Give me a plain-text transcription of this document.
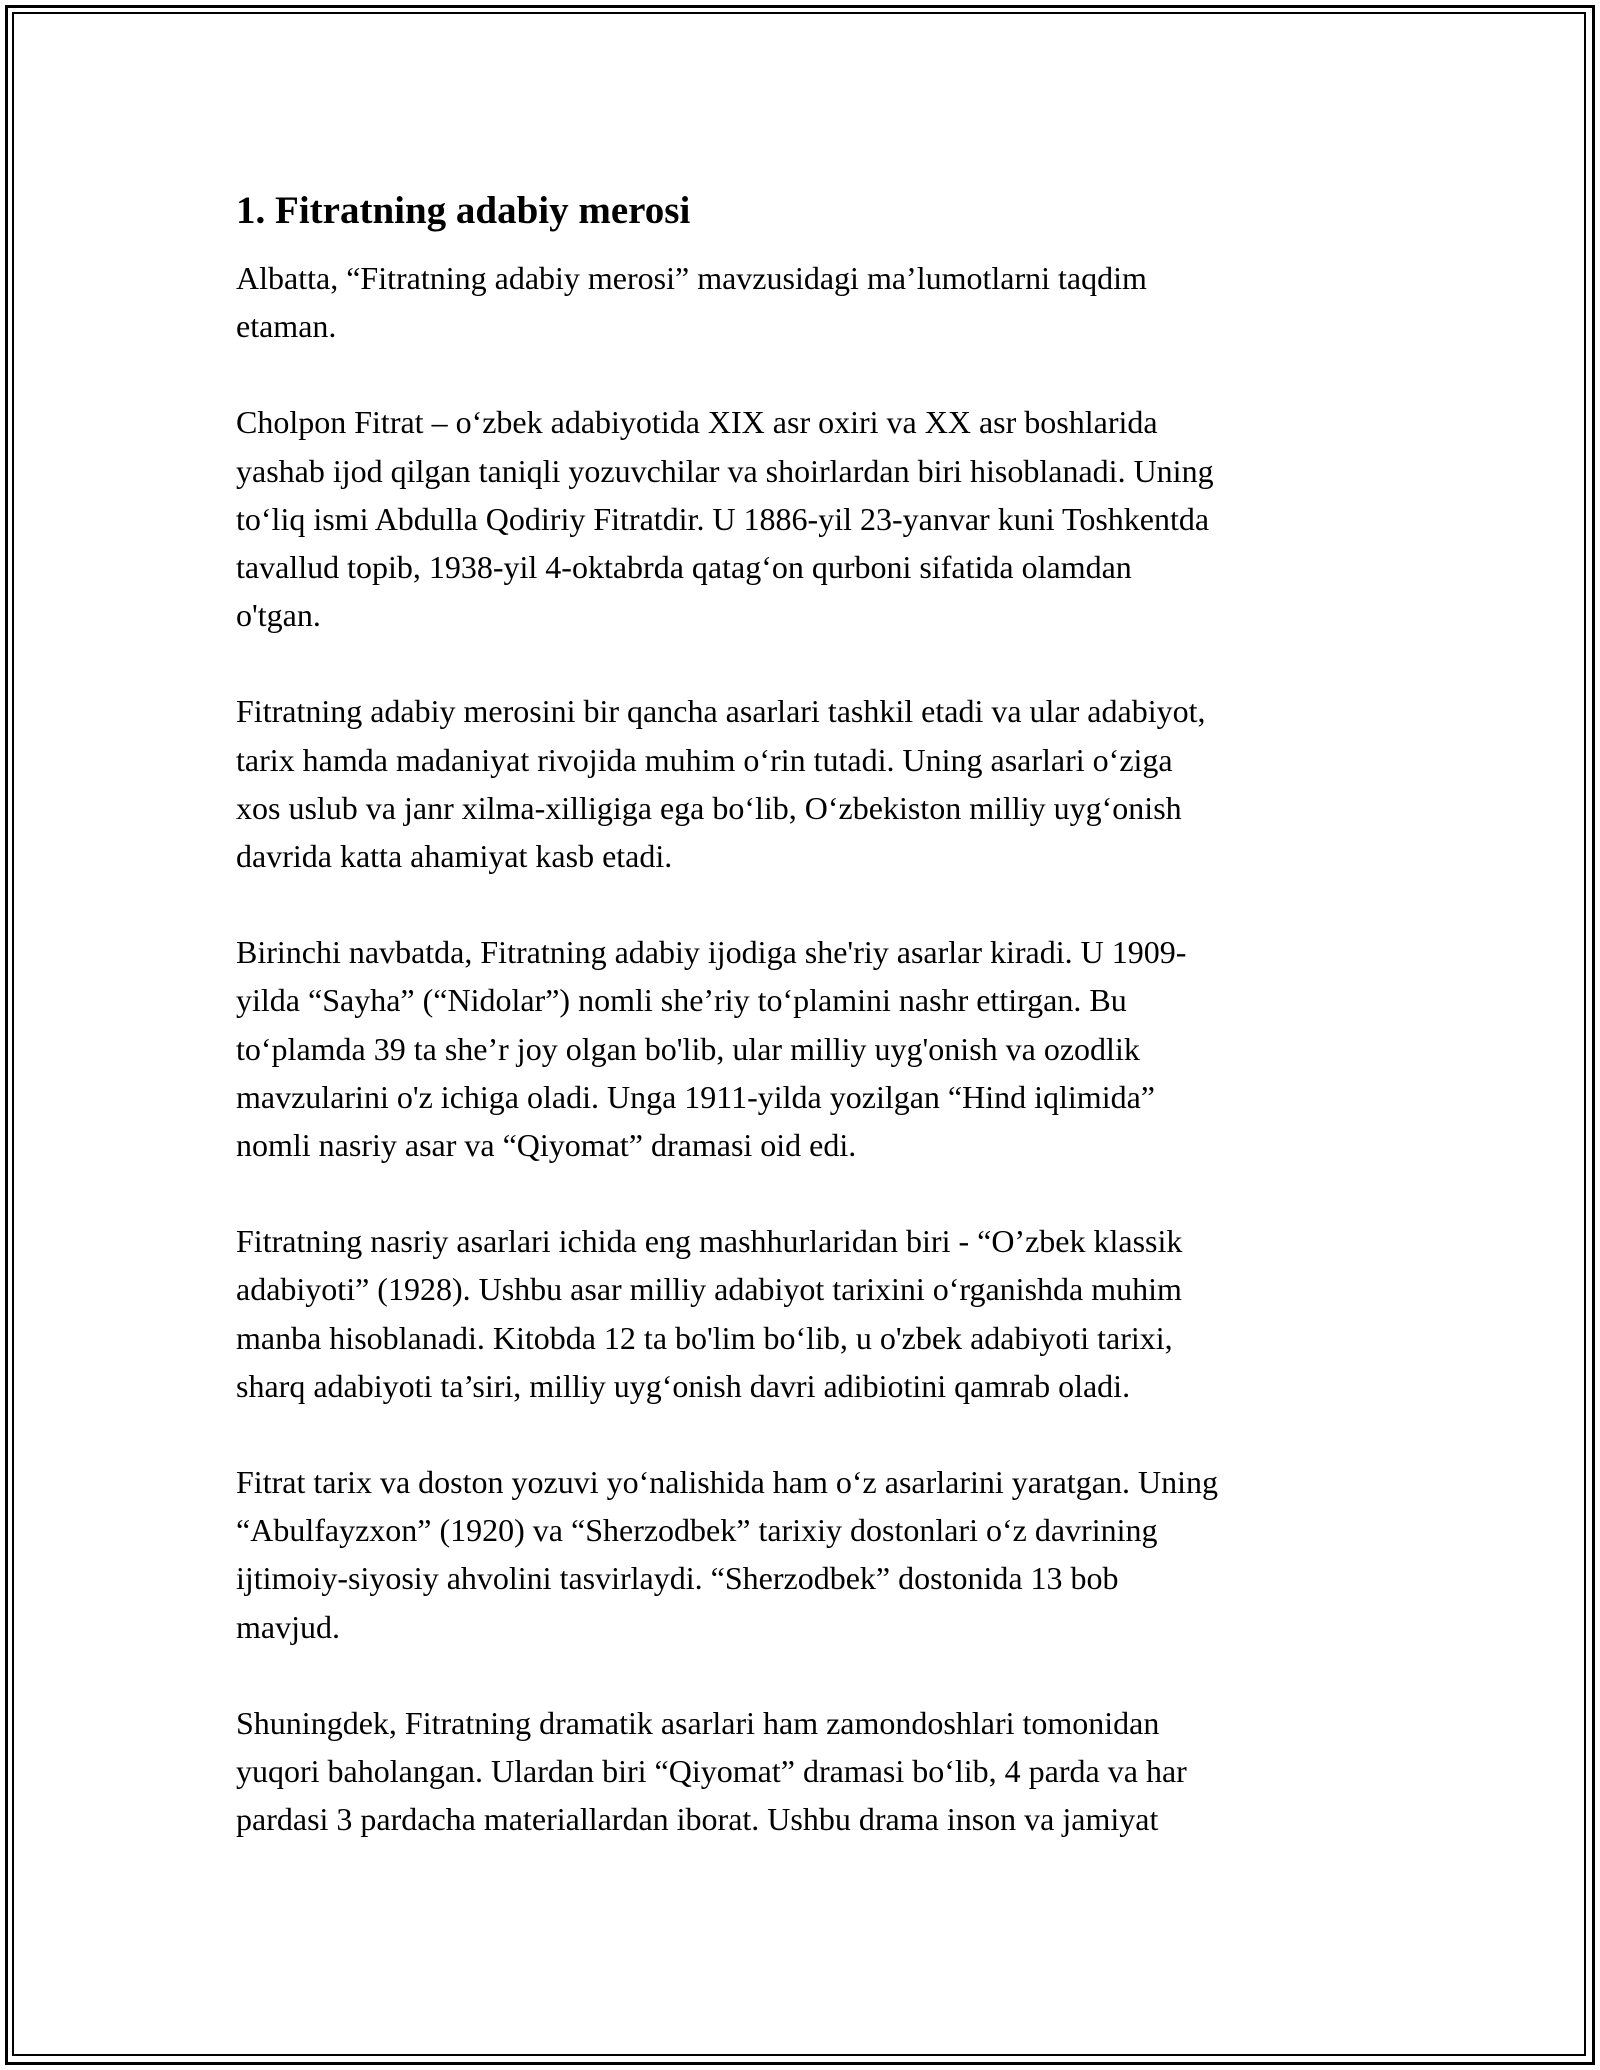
1. Fitratning adabiy merosi
Albatta, “Fitratning adabiy merosi” mavzusidagi ma’lumotlarni taqdim
etaman.
Cholpon Fitrat – o‘zbek adabiyotida XIX asr oxiri va XX asr boshlarida
yashab ijod qilgan taniqli yozuvchilar va shoirlardan biri hisoblanadi. Uning
to‘liq ismi Abdulla Qodiriy Fitratdir. U 1886-yil 23-yanvar kuni Toshkentda
tavallud topib, 1938-yil 4-oktabrda qatag‘on qurboni sifatida olamdan
o'tgan.
Fitratning adabiy merosini bir qancha asarlari tashkil etadi va ular adabiyot,
tarix hamda madaniyat rivojida muhim o‘rin tutadi. Uning asarlari o‘ziga
xos uslub va janr xilma-xilligiga ega bo‘lib, O‘zbekiston milliy uyg‘onish
davrida katta ahamiyat kasb etadi.
Birinchi navbatda, Fitratning adabiy ijodiga she'riy asarlar kiradi. U 1909-
yilda “Sayha” (“Nidolar”) nomli she’riy to‘plamini nashr ettirgan. Bu
to‘plamda 39 ta she’r joy olgan bo'lib, ular milliy uyg'onish va ozodlik
mavzularini o'z ichiga oladi. Unga 1911-yilda yozilgan “Hind iqlimida”
nomli nasriy asar va “Qiyomat” dramasi oid edi.
Fitratning nasriy asarlari ichida eng mashhurlaridan biri - “O’zbek klassik
adabiyoti” (1928). Ushbu asar milliy adabiyot tarixini o‘rganishda muhim
manba hisoblanadi. Kitobda 12 ta bo'lim bo‘lib, u o'zbek adabiyoti tarixi,
sharq adabiyoti ta’siri, milliy uyg‘onish davri adibiotini qamrab oladi.
Fitrat tarix va doston yozuvi yo‘nalishida ham o‘z asarlarini yaratgan. Uning
“Abulfayzxon” (1920) va “Sherzodbek” tarixiy dostonlari o‘z davrining
ijtimoiy-siyosiy ahvolini tasvirlaydi. “Sherzodbek” dostonida 13 bob
mavjud.
Shuningdek, Fitratning dramatik asarlari ham zamondoshlari tomonidan
yuqori baholangan. Ulardan biri “Qiyomat” dramasi bo‘lib, 4 parda va har
pardasi 3 pardacha materiallardan iborat. Ushbu drama inson va jamiyat
